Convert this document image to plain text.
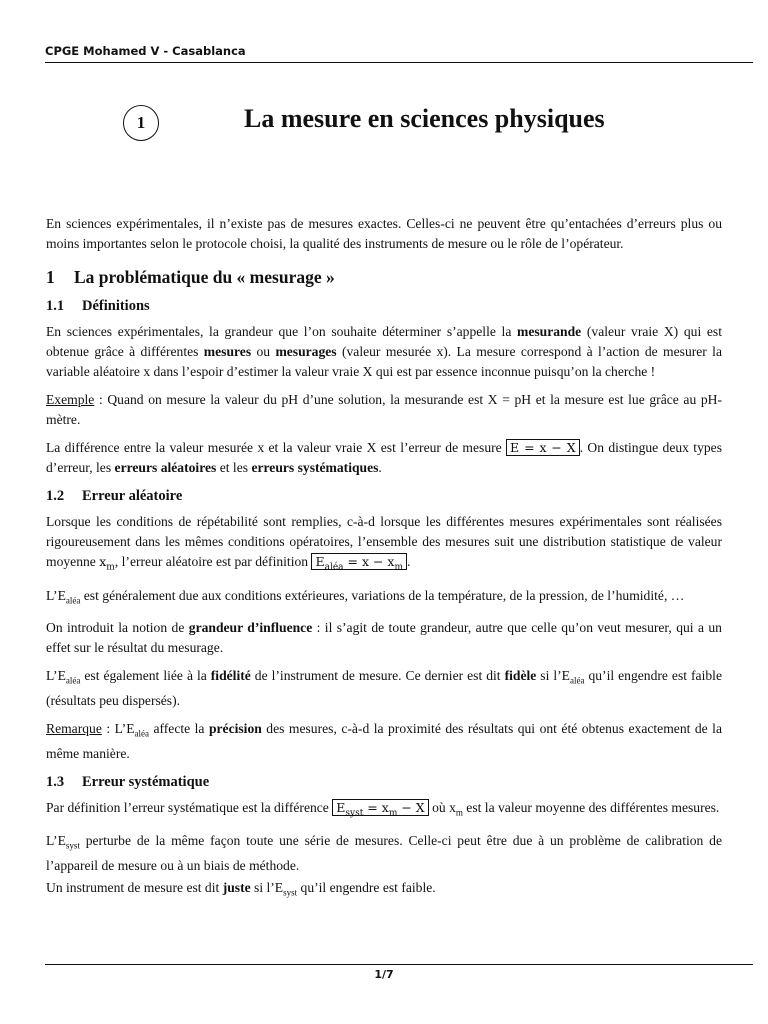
CPGE Mohamed V - Casablanca
1	La mesure en sciences physiques

En sciences expérimentales, il n’existe pas de mesures exactes. Celles-ci ne peuvent être qu’entachées d’erreurs plus ou moins importantes selon le protocole choisi, la qualité des instruments de mesure ou le rôle de l’opérateur.

1 La problématique du « mesurage »
1.1 Définitions

En sciences expérimentales, la grandeur que l’on souhaite déterminer s’appelle la mesurande (valeur vraie X) qui est obtenue grâce à différentes mesures ou mesurages (valeur mesurée x). La mesure correspond à l’action de mesurer la variable aléatoire x dans l’espoir d’estimer la valeur vraie X qui est par essence inconnue puisqu’on la cherche !

Exemple : Quand on mesure la valeur du pH d’une solution, la mesurande est X = pH et la mesure est lue grâce au pH-mètre.

La différence entre la valeur mesurée x et la valeur vraie X est l’erreur de mesure E = x − X . On distingue deux types d’erreur, les erreurs aléatoires et les erreurs systématiques.

1.2 Erreur aléatoire

Lorsque les conditions de répétabilité sont remplies, c-à-d lorsque les différentes mesures expérimentales sont réalisées rigoureusement dans les mêmes conditions opératoires, l’ensemble des mesures suit une distribution statistique de valeur moyenne $x_m$, l’erreur aléatoire est par définition $E_{aléa} = x - x_m$ .

$L’E_{aléa}$ est généralement due aux conditions extérieures, variations de la température, de la pression, de l’humidité, …

On introduit la notion de grandeur d’influence : il s’agit de toute grandeur, autre que celle qu’on veut mesurer, qui a un effet sur le résultat du mesurage.

$L’E_{aléa}$ est également liée à la fidélité de l’instrument de mesure. Ce dernier est dit fidèle si $l’E_{aléa}$ qu’il engendre est faible (résultats peu dispersés).

Remarque : $L’E_{aléa}$ affecte la précision des mesures, c-à-d la proximité des résultats qui ont été obtenus exactement de la même manière.

1.3 Erreur systématique

Par définition l’erreur systématique est la différence $E_{syst} = x_m - X$ où $x_m$ est la valeur moyenne des différentes mesures.

$L’E_{syst}$ perturbe de la même façon toute une série de mesures. Celle-ci peut être due à un problème de calibration de l’appareil de mesure ou à un biais de méthode.

Un instrument de mesure est dit juste si $l’E_{syst}$ qu’il engendre est faible.

1/7
